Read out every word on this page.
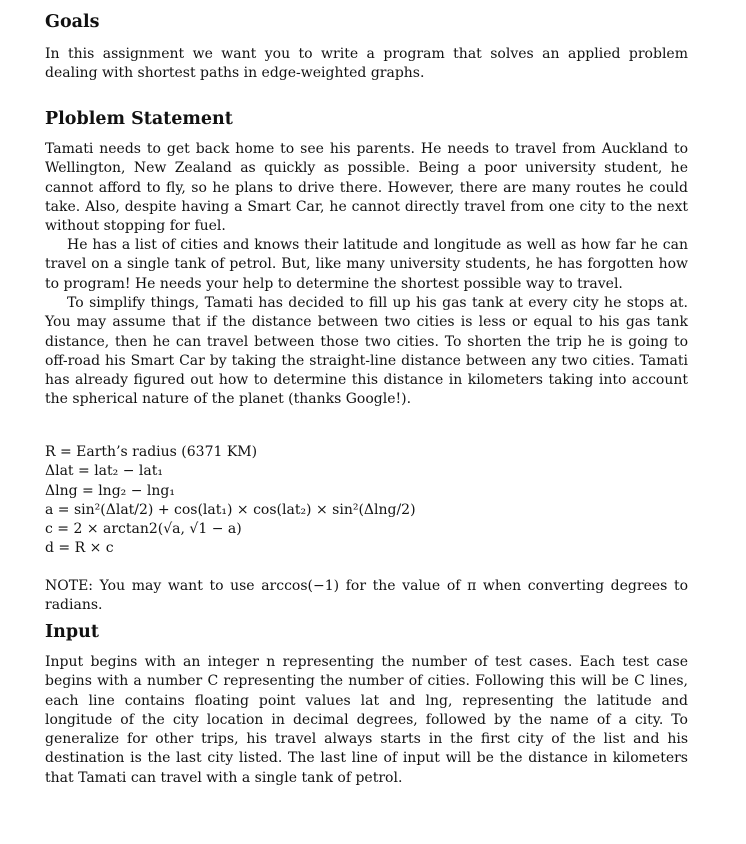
Goals

In this assignment we want you to write a program that solves an applied problem dealing with shortest paths in edge-weighted graphs.

Ploblem Statement

Tamati needs to get back home to see his parents. He needs to travel from Auckland to Wellington, New Zealand as quickly as possible. Being a poor university student, he cannot afford to fly, so he plans to drive there. However, there are many routes he could take. Also, despite having a Smart Car, he cannot directly travel from one city to the next without stopping for fuel.

He has a list of cities and knows their latitude and longitude as well as how far he can travel on a single tank of petrol. But, like many university students, he has forgotten how to program! He needs your help to determine the shortest possible way to travel.

To simplify things, Tamati has decided to fill up his gas tank at every city he stops at. You may assume that if the distance between two cities is less or equal to his gas tank distance, then he can travel between those two cities. To shorten the trip he is going to off-road his Smart Car by taking the straight-line distance between any two cities. Tamati has already figured out how to determine this distance in kilometers taking into account the spherical nature of the planet (thanks Google!).

R = Earth’s radius (6371 KM)
Δlat = lat₂ − lat₁
Δlng = lng₂ − lng₁
a = sin²(Δlat/2) + cos(lat₁) × cos(lat₂) × sin²(Δlng/2)
c = 2 × arctan2(√a, √1 − a)
d = R × c

NOTE: You may want to use arccos(−1) for the value of π when converting degrees to radians.

Input

Input begins with an integer n representing the number of test cases. Each test case begins with a number C representing the number of cities. Following this will be C lines, each line contains floating point values lat and lng, representing the latitude and longitude of the city location in decimal degrees, followed by the name of a city. To generalize for other trips, his travel always starts in the first city of the list and his destination is the last city listed. The last line of input will be the distance in kilometers that Tamati can travel with a single tank of petrol.
